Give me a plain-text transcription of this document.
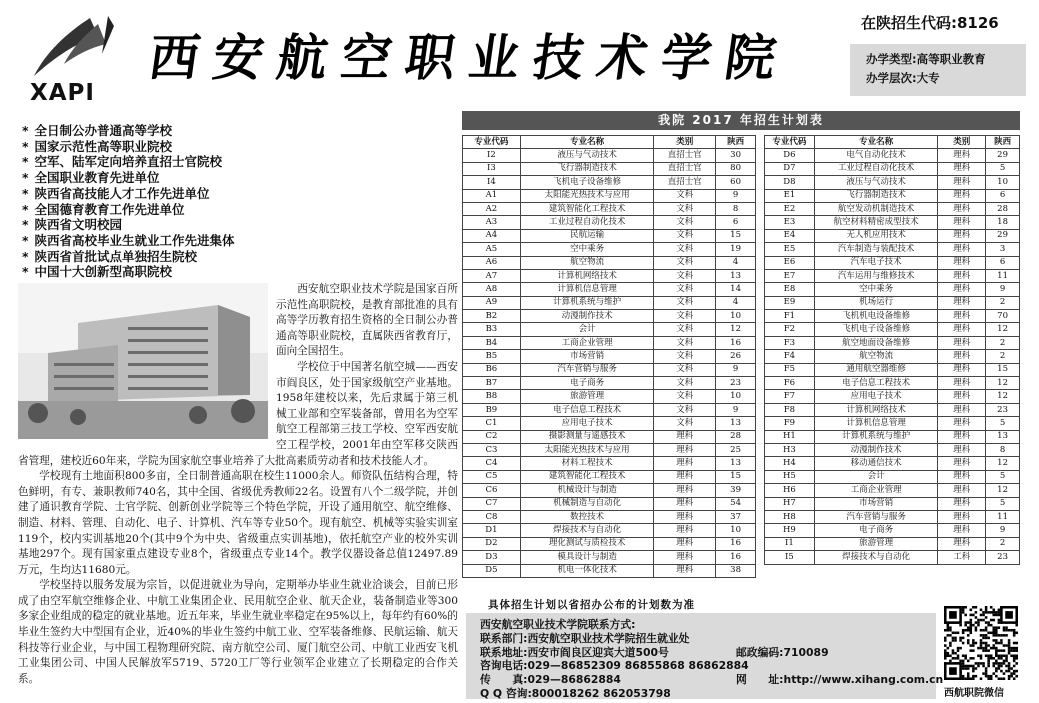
XAPI
西安航空职业技术学院
在陕招生代码:8126
办学类型:高等职业教育
办学层次:大专
* 全日制公办普通高等学校
* 国家示范性高等职业院校
* 空军、陆军定向培养直招士官院校
* 全国职业教育先进单位
* 陕西省高技能人才工作先进单位
* 全国德育教育工作先进单位
* 陕西省文明校园
* 陕西省高校毕业生就业工作先进集体
* 陕西省首批试点单独招生院校
* 中国十大创新型高职院校

西安航空职业技术学院是国家百所示范性高职院校，是教育部批准的具有高等学历教育招生资格的全日制公办普通高等职业院校，直属陕西省教育厅，面向全国招生。

学校位于中国著名航空城——西安市阎良区，处于国家级航空产业基地。1958年建校以来，先后隶属于第三机械工业部和空军装备部，曾用名为空军航空工程部第三技工学校、空军西安航空工程学校，2001年由空军移交陕西省管理，建校近60年来，学院为国家航空事业培养了大批高素质劳动者和技术技能人才。

学校现有土地面积800多亩，全日制普通高职在校生11000余人。师资队伍结构合理，特色鲜明，有专、兼职教师740名，其中全国、省级优秀教师22名。设置有八个二级学院，并创建了通识教育学院、士官学院、创新创业学院等三个特色学院，开设了通用航空、航空维修、制造、材料、管理、自动化、电子、计算机、汽车等专业50个。现有航空、机械等实验实训室119个，校内实训基地20个(其中9个为中央、省级重点实训基地)，依托航空产业的校外实训基地297个。现有国家重点建设专业8个，省级重点专业14个。教学仪器设备总值12497.89万元，生均达11680元。

学校坚持以服务发展为宗旨，以促进就业为导向，定期举办毕业生就业洽谈会，目前已形成了由空军航空维修企业、中航工业集团企业、民用航空企业、航天企业，装备制造业等300多家企业组成的稳定的就业基地。近五年来，毕业生就业率稳定在95%以上，每年约有60%的毕业生签约大中型国有企业，近40%的毕业生签约中航工业、空军装备维修、民航运输、航天科技等行业企业，与中国工程物理研究院、南方航空公司、厦门航空公司、中航工业西安飞机工业集团公司、中国人民解放军5719、5720工厂等行业领军企业建立了长期稳定的合作关系。

我院 2017 年招生计划表
专业代码	专业名称	类别	陕西
I2	液压与气动技术	直招士官	30
I3	飞行器制造技术	直招士官	80
I4	飞机电子设备维修	直招士官	60
A1	太阳能光热技术与应用	文科	9
A2	建筑智能化工程技术	文科	8
A3	工业过程自动化技术	文科	6
A4	民航运输	文科	15
A5	空中乘务	文科	19
A6	航空物流	文科	4
A7	计算机网络技术	文科	13
A8	计算机信息管理	文科	14
A9	计算机系统与维护	文科	4
B2	动漫制作技术	文科	10
B3	会计	文科	12
B4	工商企业管理	文科	16
B5	市场营销	文科	26
B6	汽车营销与服务	文科	9
B7	电子商务	文科	23
B8	旅游管理	文科	10
B9	电子信息工程技术	文科	9
C1	应用电子技术	文科	13
C2	摄影测量与遥感技术	理科	28
C3	太阳能光热技术与应用	理科	25
C4	材料工程技术	理科	13
C5	建筑智能化工程技术	理科	15
C6	机械设计与制造	理科	39
C7	机械制造与自动化	理科	54
C8	数控技术	理科	37
D1	焊接技术与自动化	理科	10
D2	理化测试与质检技术	理科	16
D3	模具设计与制造	理科	16
D5	机电一体化技术	理科	38
专业代码	专业名称	类别	陕西
D6	电气自动化技术	理科	29
D7	工业过程自动化技术	理科	5
D8	液压与气动技术	理科	10
E1	飞行器制造技术	理科	6
E2	航空发动机制造技术	理科	28
E3	航空材料精密成型技术	理科	18
E4	无人机应用技术	理科	29
E5	汽车制造与装配技术	理科	3
E6	汽车电子技术	理科	6
E7	汽车运用与维修技术	理科	11
E8	空中乘务	理科	9
E9	机场运行	理科	2
F1	飞机机电设备维修	理科	70
F2	飞机电子设备维修	理科	12
F3	航空地面设备维修	理科	2
F4	航空物流	理科	2
F5	通用航空器维修	理科	15
F6	电子信息工程技术	理科	12
F7	应用电子技术	理科	12
F8	计算机网络技术	理科	23
F9	计算机信息管理	理科	5
H1	计算机系统与维护	理科	13
H3	动漫制作技术	理科	8
H4	移动通信技术	理科	12
H5	会计	理科	5
H6	工商企业管理	理科	12
H7	市场营销	理科	5
H8	汽车营销与服务	理科	11
H9	电子商务	理科	9
I1	旅游管理	理科	2
I5	焊接技术与自动化	工科	23
具体招生计划以省招办公布的计划数为准
西安航空职业技术学院联系方式:
联系部门:西安航空职业技术学院招生就业处
联系地址:西安市阎良区迎宾大道500号	邮政编码:710089
咨询电话:029—86852309 86855868 86862884
传　　真:029—86862884	网　　址:http://www.xihang.com.cn
Q Q 咨询:800018262 862053798	西航职院微信
